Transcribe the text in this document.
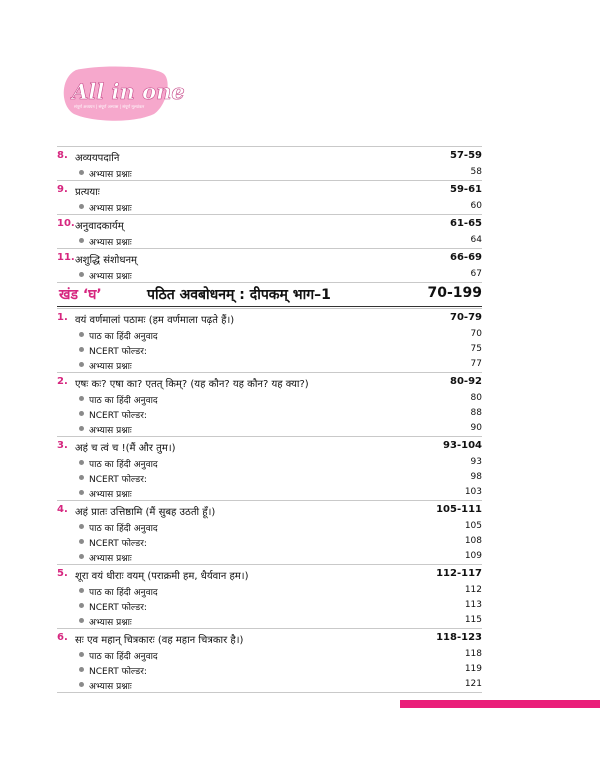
All in one
संपूर्ण अध्ययन | संपूर्ण अभ्यास | संपूर्ण मूल्यांकन
8. अव्ययपदानि	57-59
अभ्यास प्रश्नाः	58
9. प्रत्ययाः	59-61
अभ्यास प्रश्नाः	60
10. अनुवादकार्यम्	61-65
अभ्यास प्रश्नाः	64
11. अशुद्धि संशोधनम्	66-69
अभ्यास प्रश्नाः	67
खंड ‘घ’	पठित अवबोधनम् : दीपकम् भाग–1	70-199
1. वयं वर्णमालां पठामः (हम वर्णमाला पढ़ते हैं।)	70-79
पाठ का हिंदी अनुवाद	70
NCERT फोल्डर:	75
अभ्यास प्रश्नाः	77
2. एषः कः? एषा का? एतत् किम्? (यह कौन? यह कौन? यह क्या?)	80-92
पाठ का हिंदी अनुवाद	80
NCERT फोल्डर:	88
अभ्यास प्रश्नाः	90
3. अहं च त्वं च !(मैं और तुम।)	93-104
पाठ का हिंदी अनुवाद	93
NCERT फोल्डर:	98
अभ्यास प्रश्नाः	103
4. अहं प्रातः उत्तिष्ठामि (मैं सुबह उठती हूँ।)	105-111
पाठ का हिंदी अनुवाद	105
NCERT फोल्डर:	108
अभ्यास प्रश्नाः	109
5. शूरा वयं धीराः वयम् (पराक्रमी हम, धैर्यवान हम।)	112-117
पाठ का हिंदी अनुवाद	112
NCERT फोल्डर:	113
अभ्यास प्रश्नाः	115
6. सः एव महान् चित्रकारः (वह महान चित्रकार है।)	118-123
पाठ का हिंदी अनुवाद	118
NCERT फोल्डर:	119
अभ्यास प्रश्नाः	121
